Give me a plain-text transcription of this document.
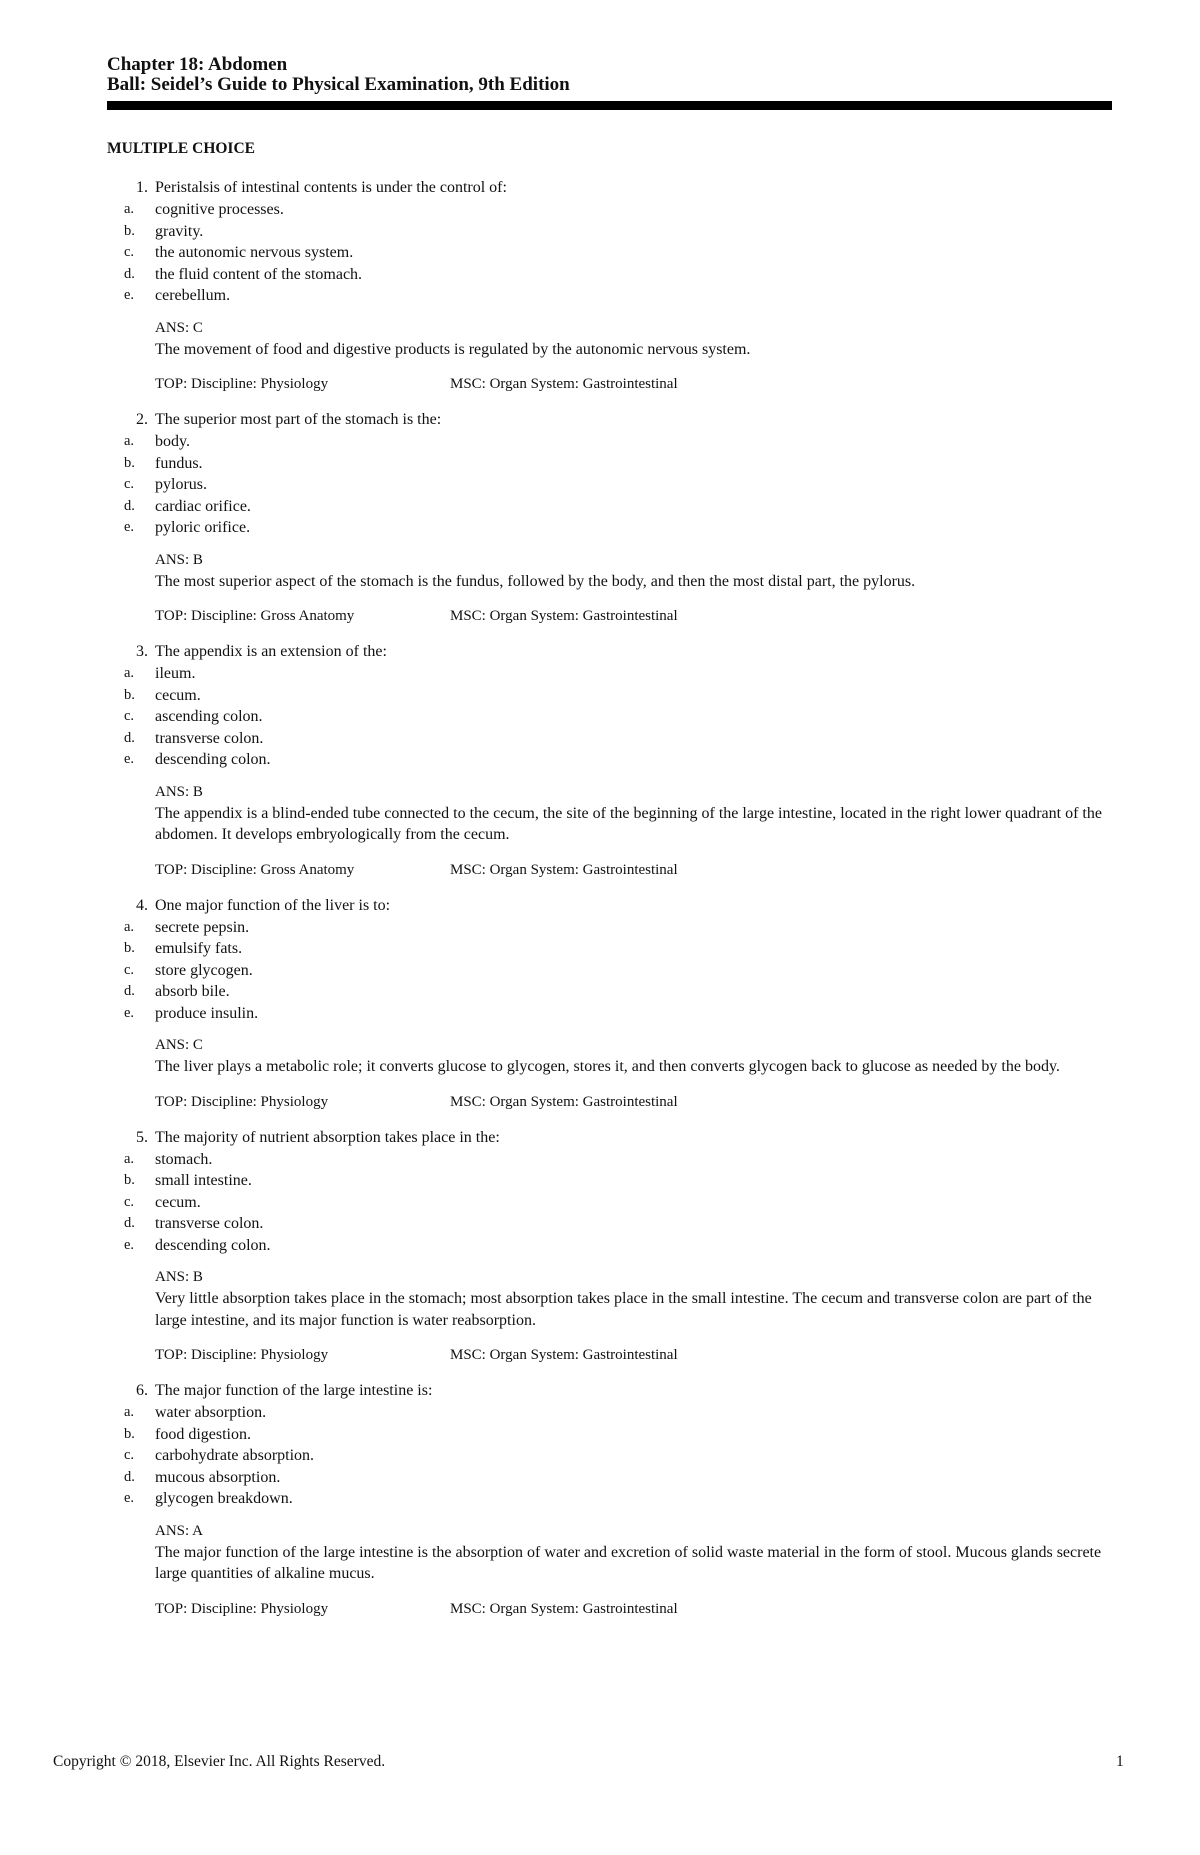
Chapter 18: Abdomen
Ball: Seidel’s Guide to Physical Examination, 9th Edition
MULTIPLE CHOICE
1. Peristalsis of intestinal contents is under the control of:
a.	cognitive processes.
b.	gravity.
c.	the autonomic nervous system.
d.	the fluid content of the stomach.
e.	cerebellum.
ANS: C
The movement of food and digestive products is regulated by the autonomic nervous system.
TOP: Discipline: Physiology	MSC: Organ System: Gastrointestinal
2. The superior most part of the stomach is the:
a.	body.
b.	fundus.
c.	pylorus.
d.	cardiac orifice.
e.	pyloric orifice.
ANS: B
The most superior aspect of the stomach is the fundus, followed by the body, and then the most distal part, the pylorus.
TOP: Discipline: Gross Anatomy	MSC: Organ System: Gastrointestinal
3. The appendix is an extension of the:
a.	ileum.
b.	cecum.
c.	ascending colon.
d.	transverse colon.
e.	descending colon.
ANS: B
The appendix is a blind-ended tube connected to the cecum, the site of the beginning of the large intestine, located in the right lower quadrant of the abdomen. It develops embryologically from the cecum.
TOP: Discipline: Gross Anatomy	MSC: Organ System: Gastrointestinal
4. One major function of the liver is to:
a.	secrete pepsin.
b.	emulsify fats.
c.	store glycogen.
d.	absorb bile.
e.	produce insulin.
ANS: C
The liver plays a metabolic role; it converts glucose to glycogen, stores it, and then converts glycogen back to glucose as needed by the body.
TOP: Discipline: Physiology	MSC: Organ System: Gastrointestinal
5. The majority of nutrient absorption takes place in the:
a.	stomach.
b.	small intestine.
c.	cecum.
d.	transverse colon.
e.	descending colon.
ANS: B
Very little absorption takes place in the stomach; most absorption takes place in the small intestine. The cecum and transverse colon are part of the large intestine, and its major function is water reabsorption.
TOP: Discipline: Physiology	MSC: Organ System: Gastrointestinal
6. The major function of the large intestine is:
a.	water absorption.
b.	food digestion.
c.	carbohydrate absorption.
d.	mucous absorption.
e.	glycogen breakdown.
ANS: A
The major function of the large intestine is the absorption of water and excretion of solid waste material in the form of stool. Mucous glands secrete large quantities of alkaline mucus.
TOP: Discipline: Physiology	MSC: Organ System: Gastrointestinal
Copyright © 2018, Elsevier Inc. All Rights Reserved.	1
